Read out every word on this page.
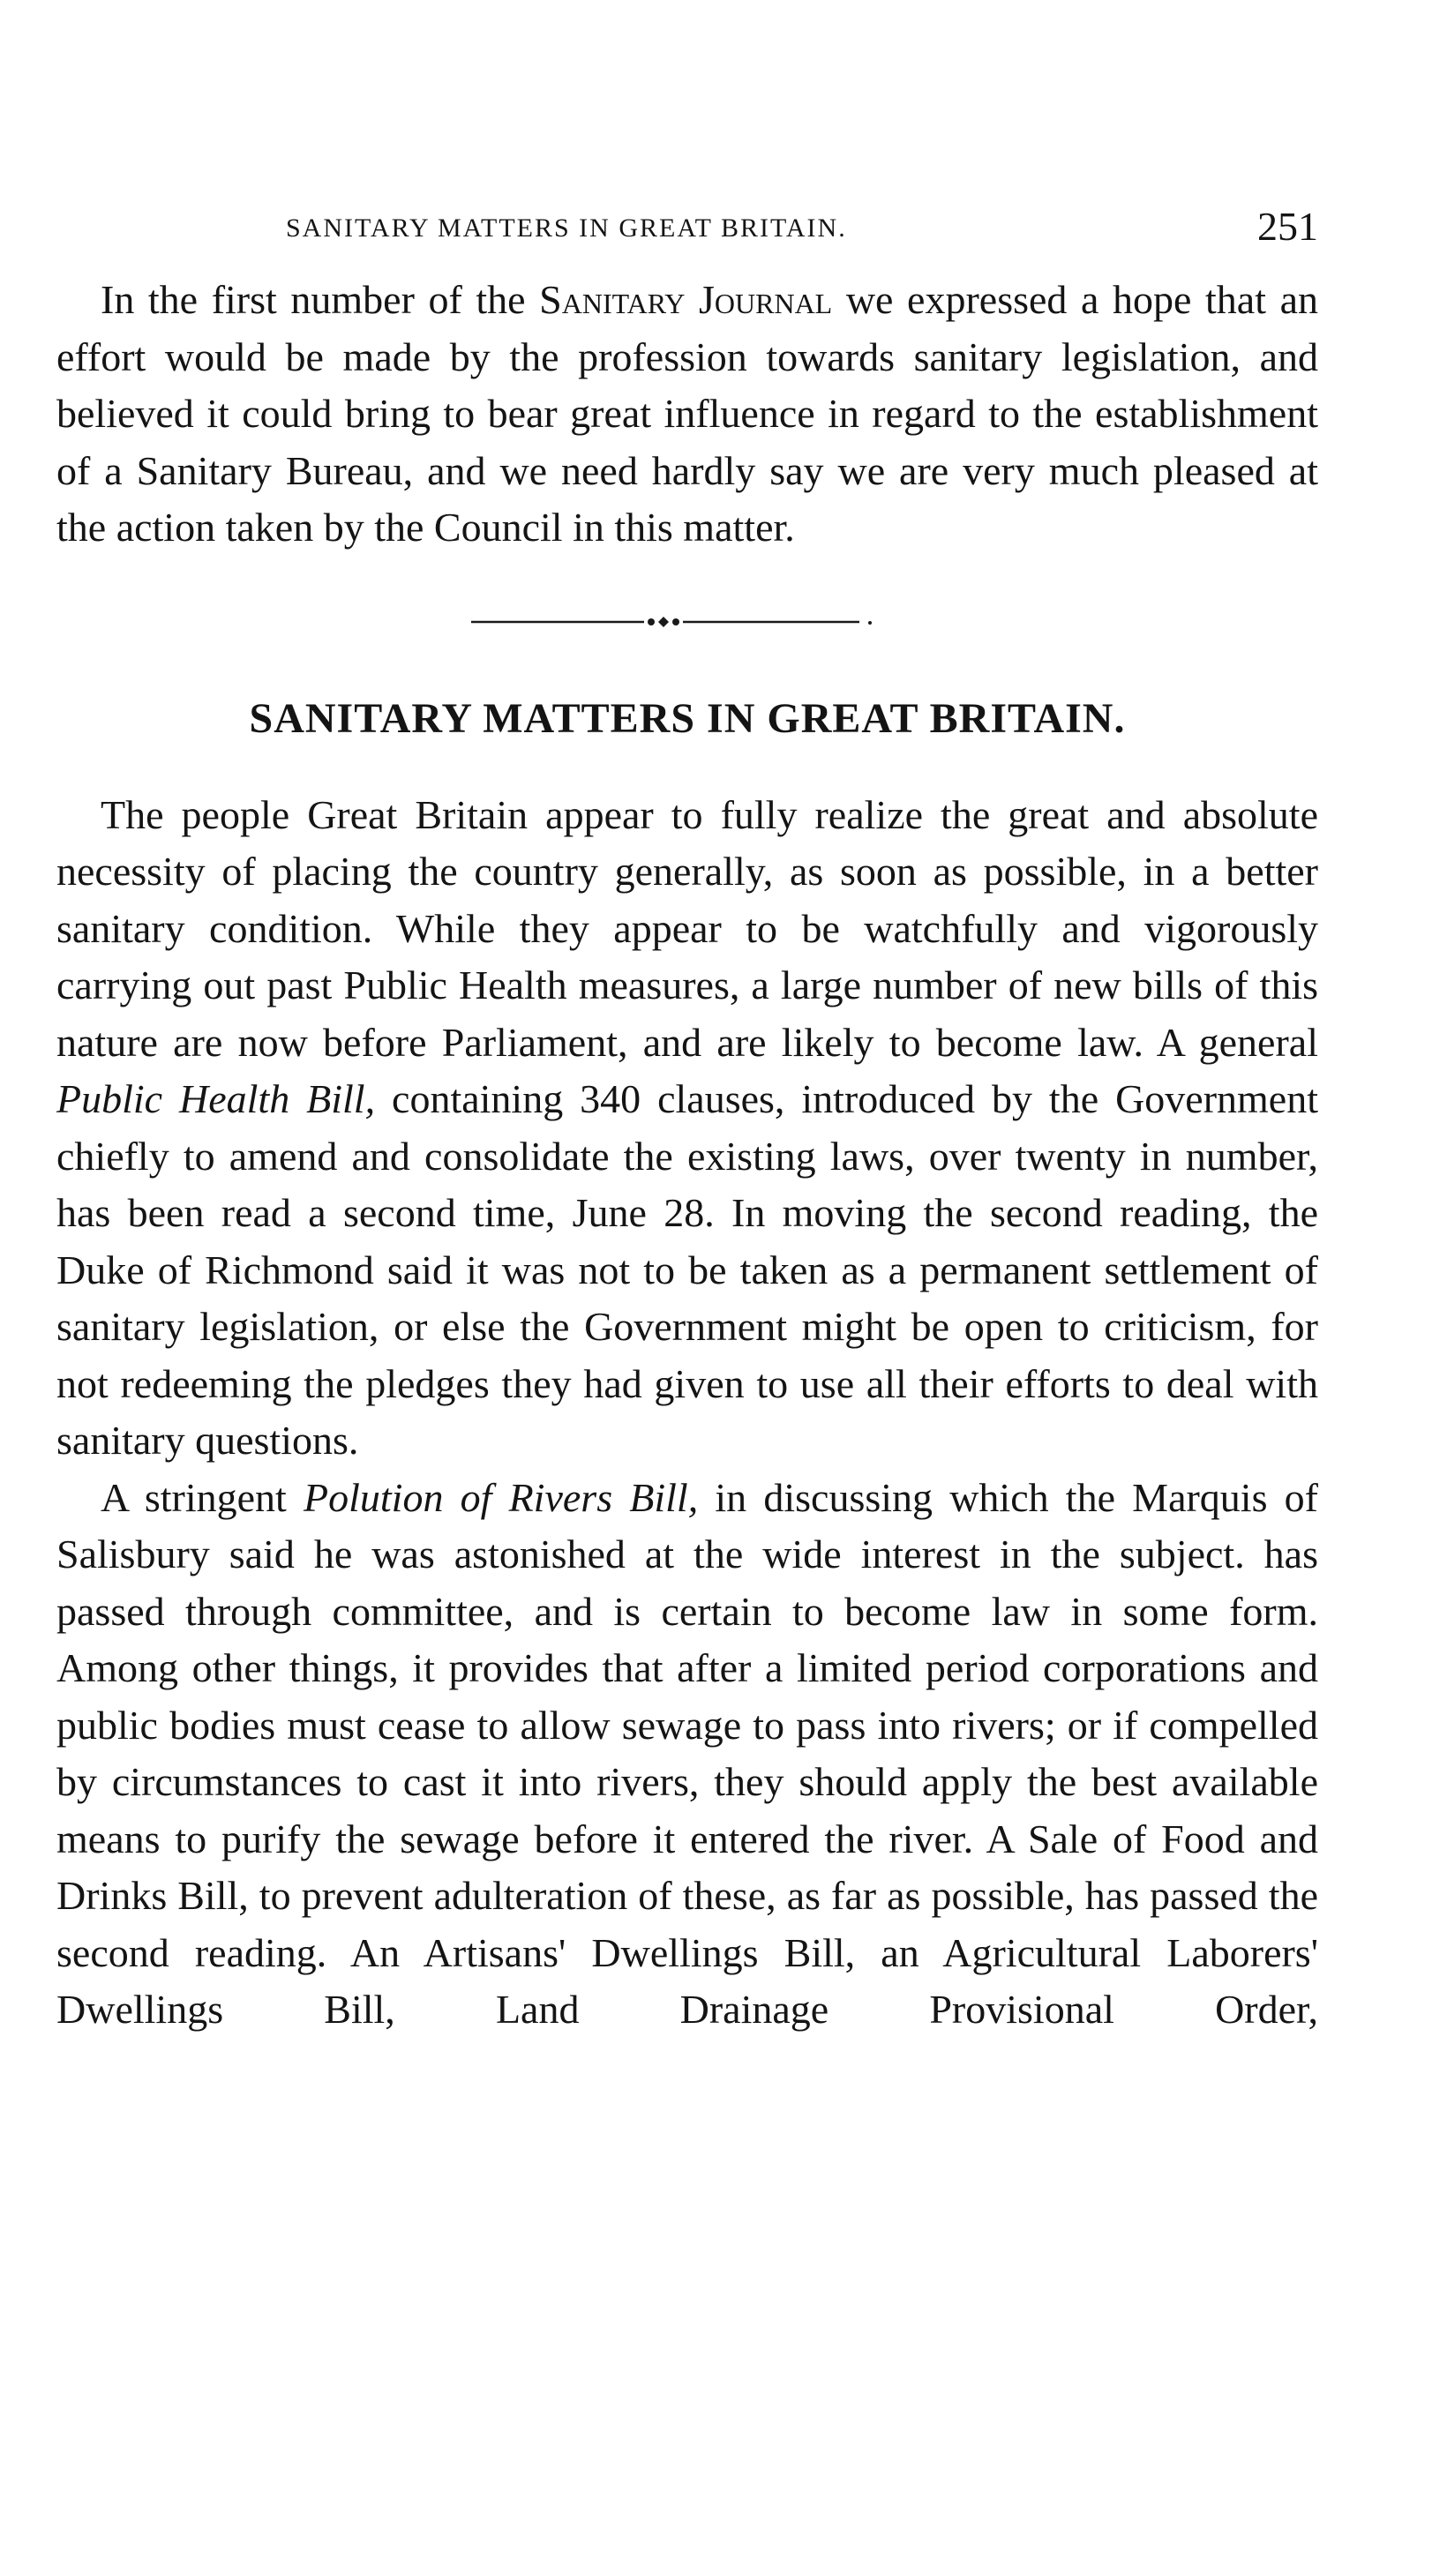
SANITARY MATTERS IN GREAT BRITAIN.	251

In the first number of the Sanitary Journal we expressed a hope that an effort would be made by the profession towards sanitary legislation, and believed it could bring to bear great influence in regard to the establishment of a Sanitary Bureau, and we need hardly say we are very much pleased at the action taken by the Council in this matter.

SANITARY MATTERS IN GREAT BRITAIN.

The people Great Britain appear to fully realize the great and absolute necessity of placing the country generally, as soon as possible, in a better sanitary condition. While they appear to be watchfully and vigorously carrying out past Public Health measures, a large number of new bills of this nature are now before Parliament, and are likely to become law. A general Public Health Bill, containing 340 clauses, introduced by the Government chiefly to amend and consolidate the existing laws, over twenty in number, has been read a second time, June 28. In moving the second reading, the Duke of Richmond said it was not to be taken as a permanent settlement of sanitary legislation, or else the Government might be open to criticism, for not redeeming the pledges they had given to use all their efforts to deal with sanitary questions.

A stringent Polution of Rivers Bill, in discussing which the Marquis of Salisbury said he was astonished at the wide interest in the subject. has passed through committee, and is certain to become law in some form. Among other things, it provides that after a limited period corporations and public bodies must cease to allow sewage to pass into rivers; or if compelled by circumstances to cast it into rivers, they should apply the best available means to purify the sewage before it entered the river. A Sale of Food and Drinks Bill, to prevent adulteration of these, as far as possible, has passed the second reading. An Artisans' Dwellings Bill, an Agricultural Laborers' Dwellings Bill, Land Drainage Provisional Order,
